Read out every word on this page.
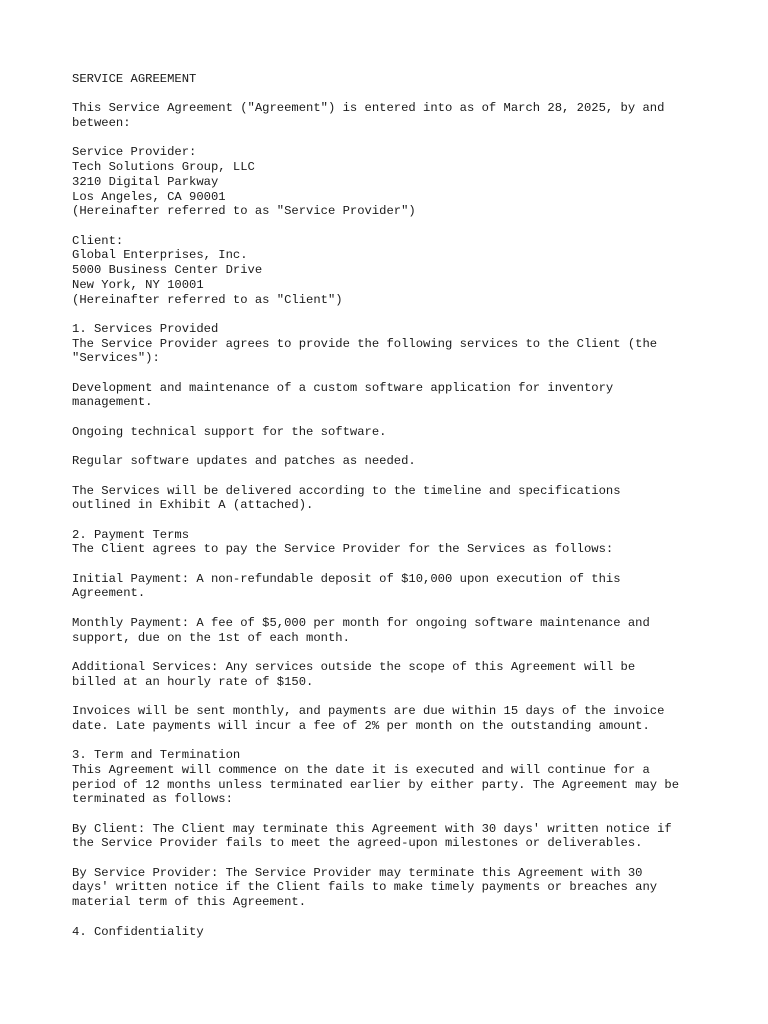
SERVICE AGREEMENT
This Service Agreement ("Agreement") is entered into as of March 28, 2025, by and
between:
Service Provider:
Tech Solutions Group, LLC
3210 Digital Parkway
Los Angeles, CA 90001
(Hereinafter referred to as "Service Provider")
Client:
Global Enterprises, Inc.
5000 Business Center Drive
New York, NY 10001
(Hereinafter referred to as "Client")
1. Services Provided
The Service Provider agrees to provide the following services to the Client (the
"Services"):
Development and maintenance of a custom software application for inventory
management.
Ongoing technical support for the software.
Regular software updates and patches as needed.
The Services will be delivered according to the timeline and specifications
outlined in Exhibit A (attached).
2. Payment Terms
The Client agrees to pay the Service Provider for the Services as follows:
Initial Payment: A non-refundable deposit of $10,000 upon execution of this
Agreement.
Monthly Payment: A fee of $5,000 per month for ongoing software maintenance and
support, due on the 1st of each month.
Additional Services: Any services outside the scope of this Agreement will be
billed at an hourly rate of $150.
Invoices will be sent monthly, and payments are due within 15 days of the invoice
date. Late payments will incur a fee of 2% per month on the outstanding amount.
3. Term and Termination
This Agreement will commence on the date it is executed and will continue for a
period of 12 months unless terminated earlier by either party. The Agreement may be
terminated as follows:
By Client: The Client may terminate this Agreement with 30 days' written notice if
the Service Provider fails to meet the agreed-upon milestones or deliverables.
By Service Provider: The Service Provider may terminate this Agreement with 30
days' written notice if the Client fails to make timely payments or breaches any
material term of this Agreement.
4. Confidentiality
